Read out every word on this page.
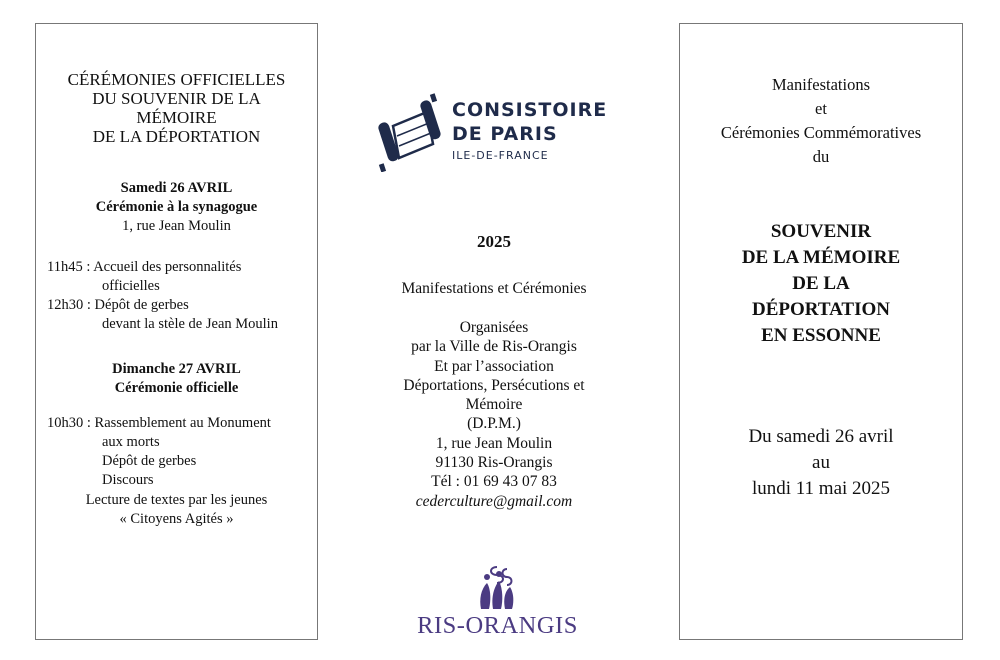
CÉRÉMONIES OFFICIELLES
DU SOUVENIR DE LA
MÉMOIRE
DE LA DÉPORTATION
Samedi 26 AVRIL
Cérémonie à la synagogue
1, rue Jean Moulin
11h45 : Accueil des personnalités
officielles
12h30 : Dépôt de gerbes
devant la stèle de Jean Moulin
Dimanche 27 AVRIL
Cérémonie officielle
10h30 : Rassemblement au Monument
aux morts
Dépôt de gerbes
Discours
Lecture de textes par les jeunes
« Citoyens Agités »
CONSISTOIRE
DE PARIS
ILE-DE-FRANCE
2025
Manifestations et Cérémonies
Organisées
par la Ville de Ris-Orangis
Et par l’association
Déportations, Persécutions et
Mémoire
(D.P.M.)
1, rue Jean Moulin
91130 Ris-Orangis
Tél : 01 69 43 07 83
cederculture@gmail.com
RIS-ORANGIS
Manifestations
et
Cérémonies Commémoratives
du
SOUVENIR
DE LA MÉMOIRE
DE LA
DÉPORTATION
EN ESSONNE
Du samedi 26 avril
au
lundi 11 mai 2025
